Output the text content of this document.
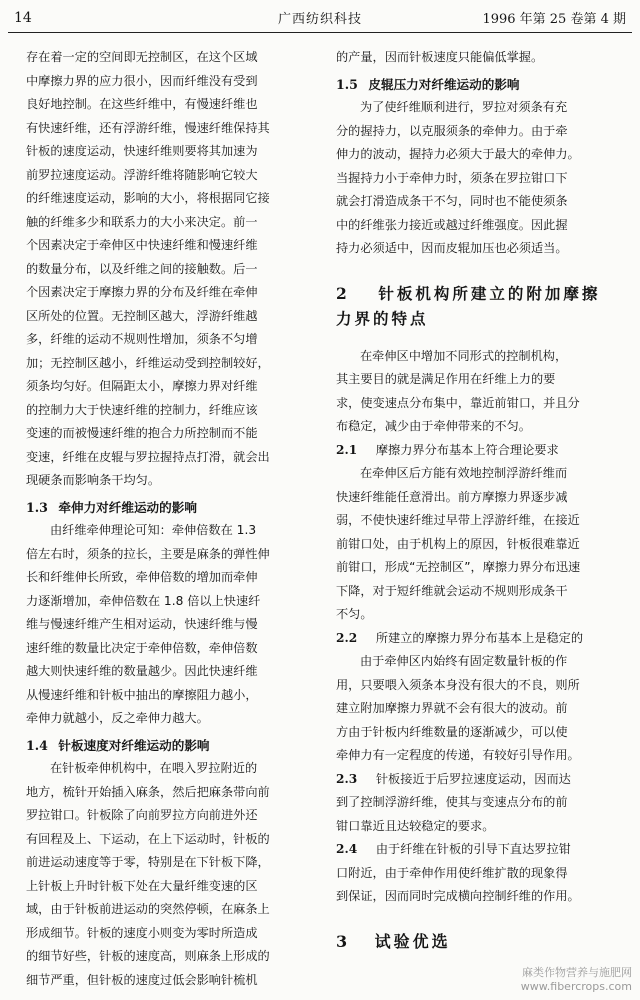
14	广西纺织科技	1996 年第 25 卷第 4 期
存在着一定的空间即无控制区，在这个区域
中摩擦力界的应力很小，因而纤维没有受到
良好地控制。在这些纤维中，有慢速纤维也
有快速纤维，还有浮游纤维，慢速纤维保持其
针板的速度运动，快速纤维则要将其加速为
前罗拉速度运动。浮游纤维将随影响它较大
的纤维速度运动，影响的大小，将根据同它接
触的纤维多少和联系力的大小来决定。前一
个因素决定于牵伸区中快速纤维和慢速纤维
的数量分布，以及纤维之间的接触数。后一
个因素决定于摩擦力界的分布及纤维在牵伸
区所处的位置。无控制区越大，浮游纤维越
多，纤维的运动不规则性增加，须条不匀增
加；无控制区越小，纤维运动受到控制较好，
须条均匀好。但隔距太小，摩擦力界对纤维
的控制力大于快速纤维的控制力，纤维应该
变速的而被慢速纤维的抱合力所控制而不能
变速，纤维在皮辊与罗拉握持点打滑，就会出
现硬条而影响条干均匀。
1.3 牵伸力对纤维运动的影响
由纤维牵伸理论可知：牵伸倍数在 1.3
倍左右时，须条的拉长，主要是麻条的弹性伸
长和纤维伸长所致，牵伸倍数的增加而牵伸
力逐渐增加，牵伸倍数在 1.8 倍以上快速纤
维与慢速纤维产生相对运动，快速纤维与慢
速纤维的数量比决定于牵伸倍数，牵伸倍数
越大则快速纤维的数量越少。因此快速纤维
从慢速纤维和针板中抽出的摩擦阻力越小，
牵伸力就越小，反之牵伸力越大。
1.4 针板速度对纤维运动的影响
在针板牵伸机构中，在喂入罗拉附近的
地方，梳针开始插入麻条，然后把麻条带向前
罗拉钳口。针板除了向前罗拉方向前进外还
有回程及上、下运动，在上下运动时，针板的
前进运动速度等于零，特别是在下针板下降，
上针板上升时针板下处在大量纤维变速的区
域，由于针板前进运动的突然停顿，在麻条上
形成细节。针板的速度小则变为零时所造成
的细节好些，针板的速度高，则麻条上形成的
细节严重，但针板的速度过低会影响针梳机
的产量，因而针板速度只能偏低掌握。
1.5 皮辊压力对纤维运动的影响
为了使纤维顺利进行，罗拉对须条有充
分的握持力，以克服须条的牵伸力。由于牵
伸力的波动，握持力必须大于最大的牵伸力。
当握持力小于牵伸力时，须条在罗拉钳口下
就会打滑造成条干不匀，同时也不能使须条
中的纤维张力接近或越过纤维强度。因此握
持力必须适中，因而皮辊加压也必须适当。
2 针板机构所建立的附加摩擦
力界的特点
在牵伸区中增加不同形式的控制机构，
其主要目的就是满足作用在纤维上力的要
求，使变速点分布集中，靠近前钳口，并且分
布稳定，减少由于牵伸带来的不匀。
2.1 摩擦力界分布基本上符合理论要求
在牵伸区后方能有效地控制浮游纤维而
快速纤维能任意滑出。前方摩擦力界逐步减
弱，不使快速纤维过早带上浮游纤维，在接近
前钳口处，由于机构上的原因，针板很难靠近
前钳口，形成“无控制区”，摩擦力界分布迅速
下降，对于短纤维就会运动不规则形成条干
不匀。
2.2 所建立的摩擦力界分布基本上是稳定的
由于牵伸区内始终有固定数量针板的作
用，只要喂入须条本身没有很大的不良，则所
建立附加摩擦力界就不会有很大的波动。前
方由于针板内纤维数量的逐渐减少，可以使
牵伸力有一定程度的传递，有较好引导作用。
2.3 针板接近于后罗拉速度运动，因而达
到了控制浮游纤维，使其与变速点分布的前
钳口靠近且达较稳定的要求。
2.4 由于纤维在针板的引导下直达罗拉钳
口附近，由于牵伸作用使纤维扩散的现象得
到保证，因而同时完成横向控制纤维的作用。
3 试验优选
麻类作物营养与施肥网
www.fibercrops.com
